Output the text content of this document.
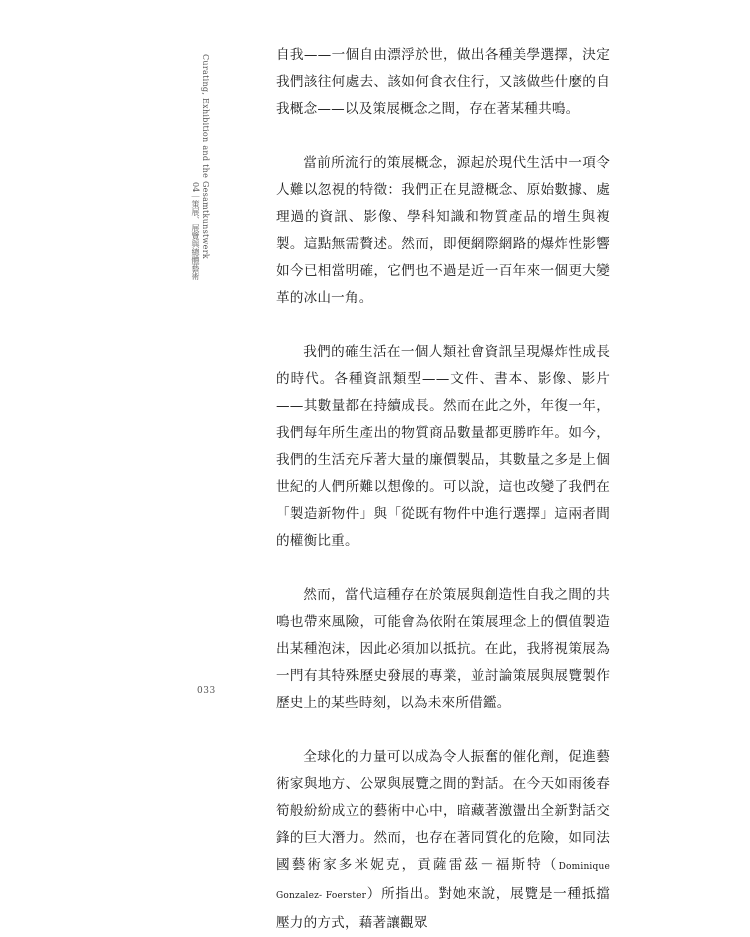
Curating, Exhibition and the Gesamtkunstwerk
04｜策展、展覽與總體藝術
033

自我——一個自由漂浮於世，做出各種美學選擇，決定我們該往何處去、該如何食衣住行，又該做些什麼的自我概念——以及策展概念之間，存在著某種共鳴。

當前所流行的策展概念，源起於現代生活中一項令人難以忽視的特徵：我們正在見證概念、原始數據、處理過的資訊、影像、學科知識和物質產品的增生與複製。這點無需贅述。然而，即便網際網路的爆炸性影響如今已相當明確，它們也不過是近一百年來一個更大變革的冰山一角。

我們的確生活在一個人類社會資訊呈現爆炸性成長的時代。各種資訊類型——文件、書本、影像、影片——其數量都在持續成長。然而在此之外，年復一年，我們每年所生產出的物質商品數量都更勝昨年。如今，我們的生活充斥著大量的廉價製品，其數量之多是上個世紀的人們所難以想像的。可以說，這也改變了我們在「製造新物件」與「從既有物件中進行選擇」這兩者間的權衡比重。

然而，當代這種存在於策展與創造性自我之間的共鳴也帶來風險，可能會為依附在策展理念上的價值製造出某種泡沫，因此必須加以抵抗。在此，我將視策展為一門有其特殊歷史發展的專業，並討論策展與展覽製作歷史上的某些時刻，以為未來所借鑑。

全球化的力量可以成為令人振奮的催化劑，促進藝術家與地方、公眾與展覽之間的對話。在今天如雨後春筍般紛紛成立的藝術中心中，暗藏著激盪出全新對話交鋒的巨大潛力。然而，也存在著同質化的危險，如同法國藝術家多米妮克，貢薩雷茲－福斯特（Dominique Gonzalez- Foerster）所指出。對她來說，展覽是一種抵擋壓力的方式，藉著讓觀眾
